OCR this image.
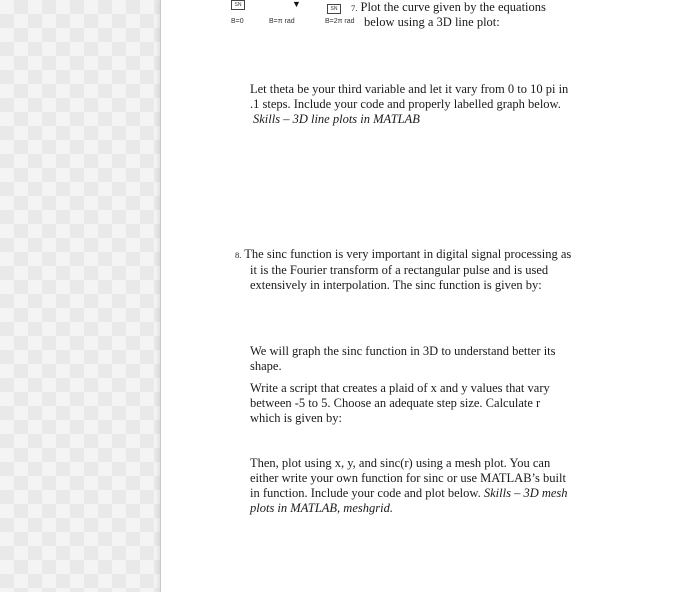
SN	▼	SN
B=0	B=π rad	B=2π rad

7. Plot the curve given by the equations

below using a 3D line plot:

Let theta be your third variable and let it vary from 0 to 10 pi in

.1 steps. Include your code and properly labelled graph below.

Skills – 3D line plots in MATLAB

8. The sinc function is very important in digital signal processing as

it is the Fourier transform of a rectangular pulse and is used

extensively in interpolation. The sinc function is given by:

We will graph the sinc function in 3D to understand better its

shape.

Write a script that creates a plaid of x and y values that vary

between -5 to 5. Choose an adequate step size. Calculate r

which is given by:

Then, plot using x, y, and sinc(r) using a mesh plot. You can

either write your own function for sinc or use MATLAB’s built

in function. Include your code and plot below. Skills – 3D mesh

plots in MATLAB, meshgrid.
